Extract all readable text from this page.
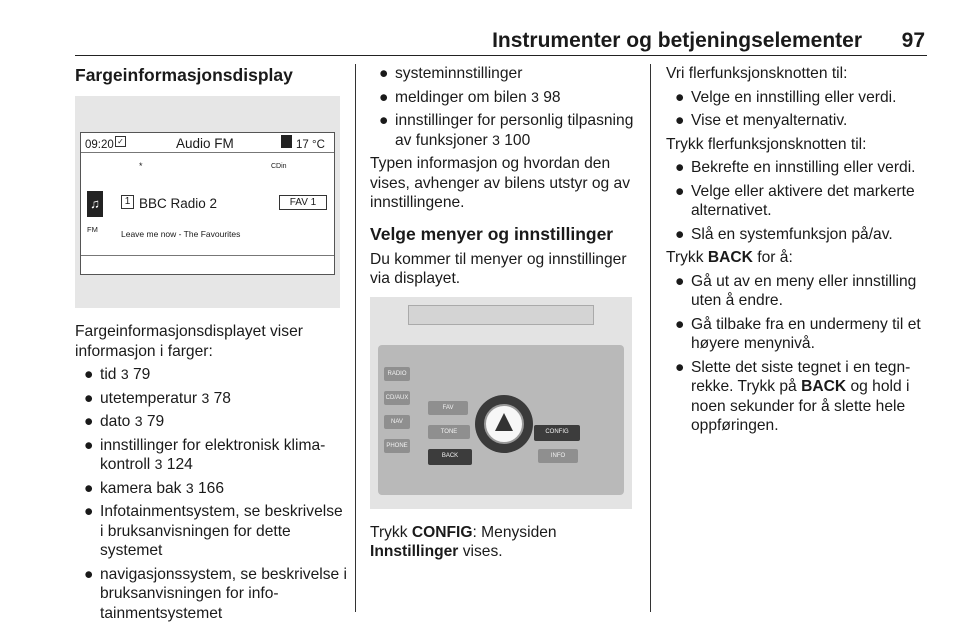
Instrumenter og betjeningselementer 97
Fargeinformasjonsdisplay
09:20 ✓	Audio FM	17 °C
*	CDin
♫
FM
1 BBC Radio 2	FAV 1
Leave me now - The Favourites

Fargeinformasjonsdisplayet viser informasjon i farger:

● tid 3 79
● utetemperatur 3 78
● dato 3 79
● innstillinger for elektronisk klimakontroll 3 124
● kamera bak 3 166
● Infotainmentsystem, se beskrivelse i bruksanvisningen for dette systemet
● navigasjonssystem, se beskrivelse i bruksanvisningen for infotainmentsystemet
● systeminnstillinger
● meldinger om bilen 3 98
● innstillinger for personlig tilpasning av funksjoner 3 100

Typen informasjon og hvordan den vises, avhenger av bilens utstyr og av innstillingene.

Velge menyer og innstillinger

Du kommer til menyer og innstillinger via displayet.

RADIO
CD/AUX
NAV
PHONE
FAV
TONE
BACK
CONFIG
INFO

Trykk CONFIG: Menysiden
Innstillinger vises.

Vri flerfunksjonsknotten til:

● Velge en innstilling eller verdi.
● Vise et menyalternativ.

Trykk flerfunksjonsknotten til:

● Bekrefte en innstilling eller verdi.
● Velge eller aktivere det markerte alternativet.
● Slå en systemfunksjon på/av.

Trykk BACK for å:

● Gå ut av en meny eller innstilling uten å endre.
● Gå tilbake fra en undermeny til et høyere menynivå.
● Slette det siste tegnet i en tegnrekke. Trykk på BACK og hold i noen sekunder for å slette hele oppføringen.
